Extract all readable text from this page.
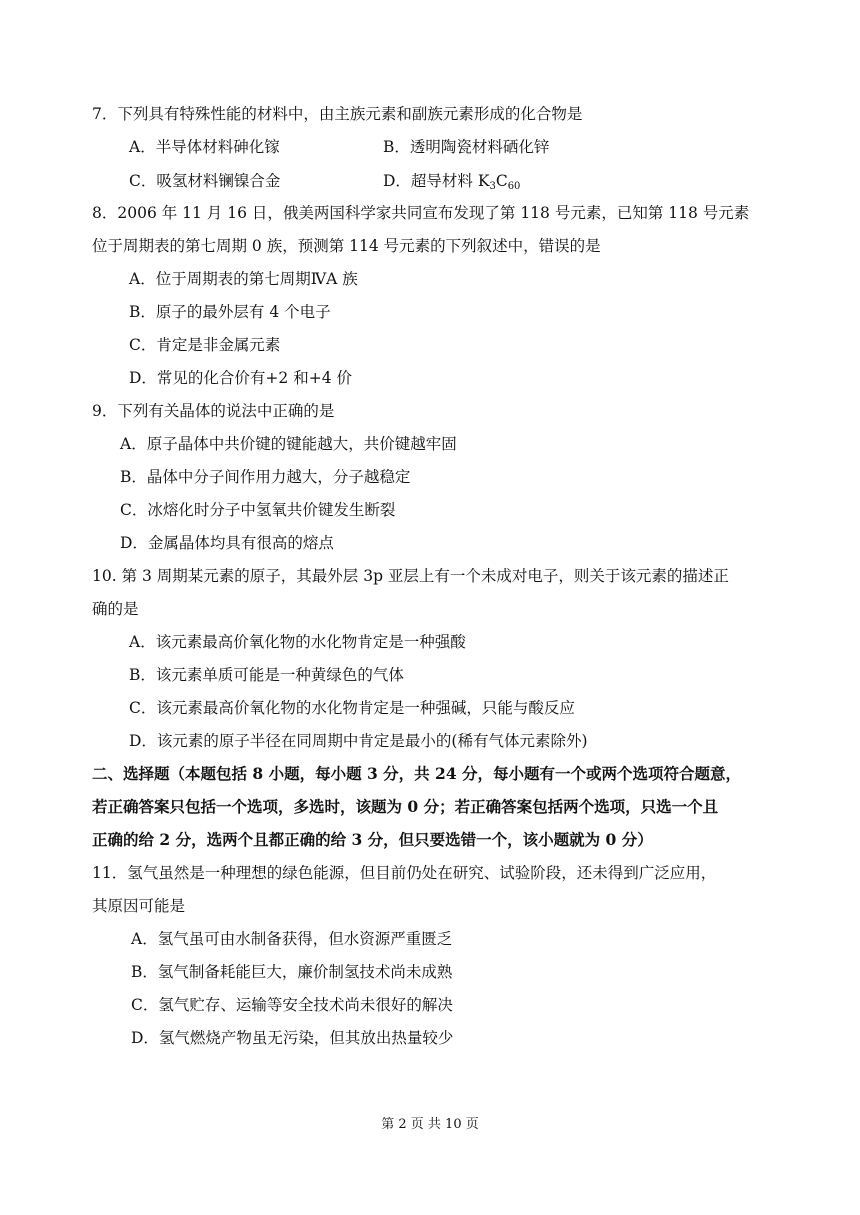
7．下列具有特殊性能的材料中，由主族元素和副族元素形成的化合物是
A．半导体材料砷化镓	B．透明陶瓷材料硒化锌
C．吸氢材料镧镍合金	D．超导材料 $K_3C_{60}$
8．2006 年 11 月 16 日，俄美两国科学家共同宣布发现了第 118 号元素，已知第 118 号元素
位于周期表的第七周期 0 族，预测第 114 号元素的下列叙述中，错误的是
A．位于周期表的第七周期ⅣA 族
B．原子的最外层有 4 个电子
C．肯定是非金属元素
D．常见的化合价有+2 和+4 价
9．下列有关晶体的说法中正确的是
A．原子晶体中共价键的键能越大，共价键越牢固
B．晶体中分子间作用力越大，分子越稳定
C．冰熔化时分子中氢氧共价键发生断裂
D．金属晶体均具有很高的熔点
10. 第 3 周期某元素的原子，其最外层 3p 亚层上有一个未成对电子，则关于该元素的描述正
确的是
A．该元素最高价氧化物的水化物肯定是一种强酸
B．该元素单质可能是一种黄绿色的气体
C．该元素最高价氧化物的水化物肯定是一种强碱，只能与酸反应
D．该元素的原子半径在同周期中肯定是最小的(稀有气体元素除外)
二、选择题（本题包括 8 小题，每小题 3 分，共 24 分，每小题有一个或两个选项符合题意，
若正确答案只包括一个选项，多选时，该题为 0 分；若正确答案包括两个选项，只选一个且
正确的给 2 分，选两个且都正确的给 3 分，但只要选错一个，该小题就为 0 分）
11．氢气虽然是一种理想的绿色能源，但目前仍处在研究、试验阶段，还未得到广泛应用，
其原因可能是
A．氢气虽可由水制备获得，但水资源严重匮乏
B．氢气制备耗能巨大，廉价制氢技术尚未成熟
C．氢气贮存、运输等安全技术尚未很好的解决
D．氢气燃烧产物虽无污染，但其放出热量较少
第 2 页 共 10 页
